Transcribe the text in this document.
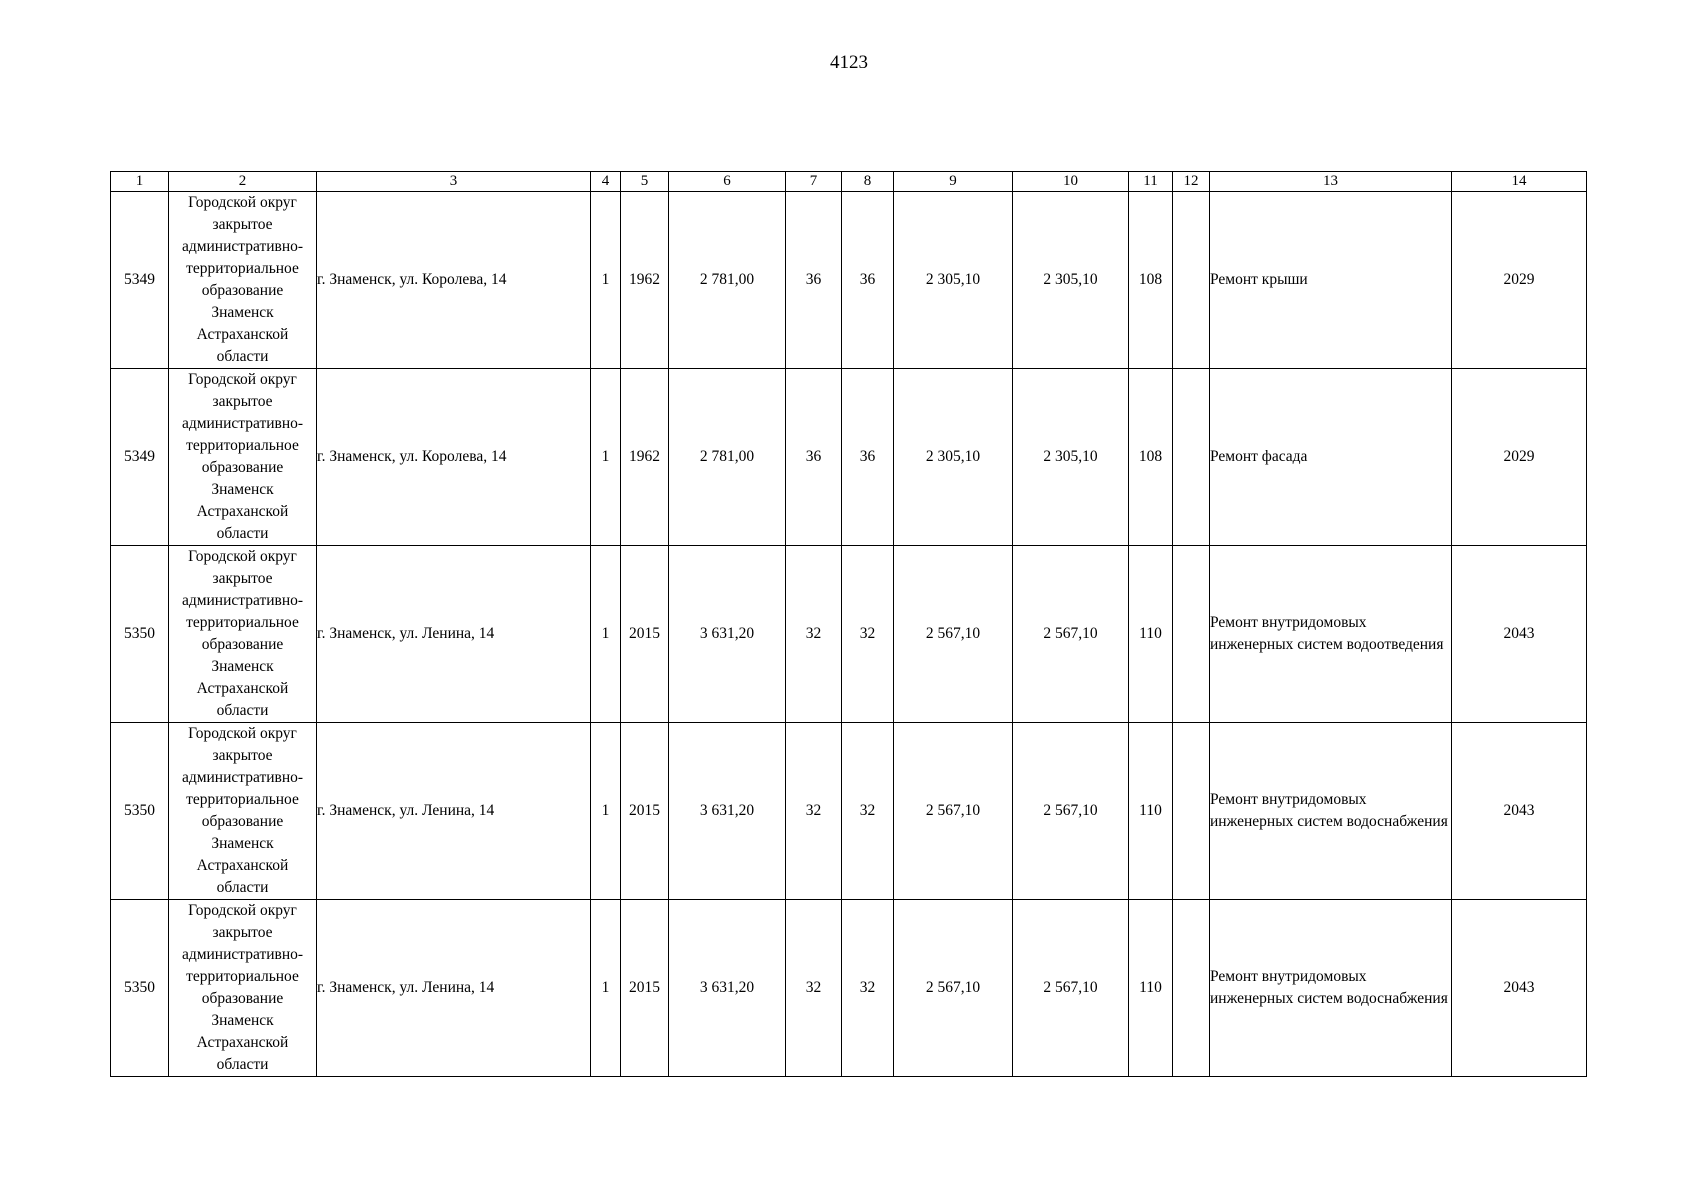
4123
1	2	3	4	5	6	7	8	9	10	11	12	13	14
5349	Городской округ закрытое административно-территориальное образование Знаменск Астраханской области	г. Знаменск, ул. Королева, 14	1	1962	2 781,00	36	36	2 305,10	2 305,10	108		Ремонт крыши	2029
5349	Городской округ закрытое административно-территориальное образование Знаменск Астраханской области	г. Знаменск, ул. Королева, 14	1	1962	2 781,00	36	36	2 305,10	2 305,10	108		Ремонт фасада	2029
5350	Городской округ закрытое административно-территориальное образование Знаменск Астраханской области	г. Знаменск, ул. Ленина, 14	1	2015	3 631,20	32	32	2 567,10	2 567,10	110		Ремонт внутридомовых инженерных систем водоотведения	2043
5350	Городской округ закрытое административно-территориальное образование Знаменск Астраханской области	г. Знаменск, ул. Ленина, 14	1	2015	3 631,20	32	32	2 567,10	2 567,10	110		Ремонт внутридомовых инженерных систем водоснабжения	2043
5350	Городской округ закрытое административно-территориальное образование Знаменск Астраханской области	г. Знаменск, ул. Ленина, 14	1	2015	3 631,20	32	32	2 567,10	2 567,10	110		Ремонт внутридомовых инженерных систем водоснабжения	2043
